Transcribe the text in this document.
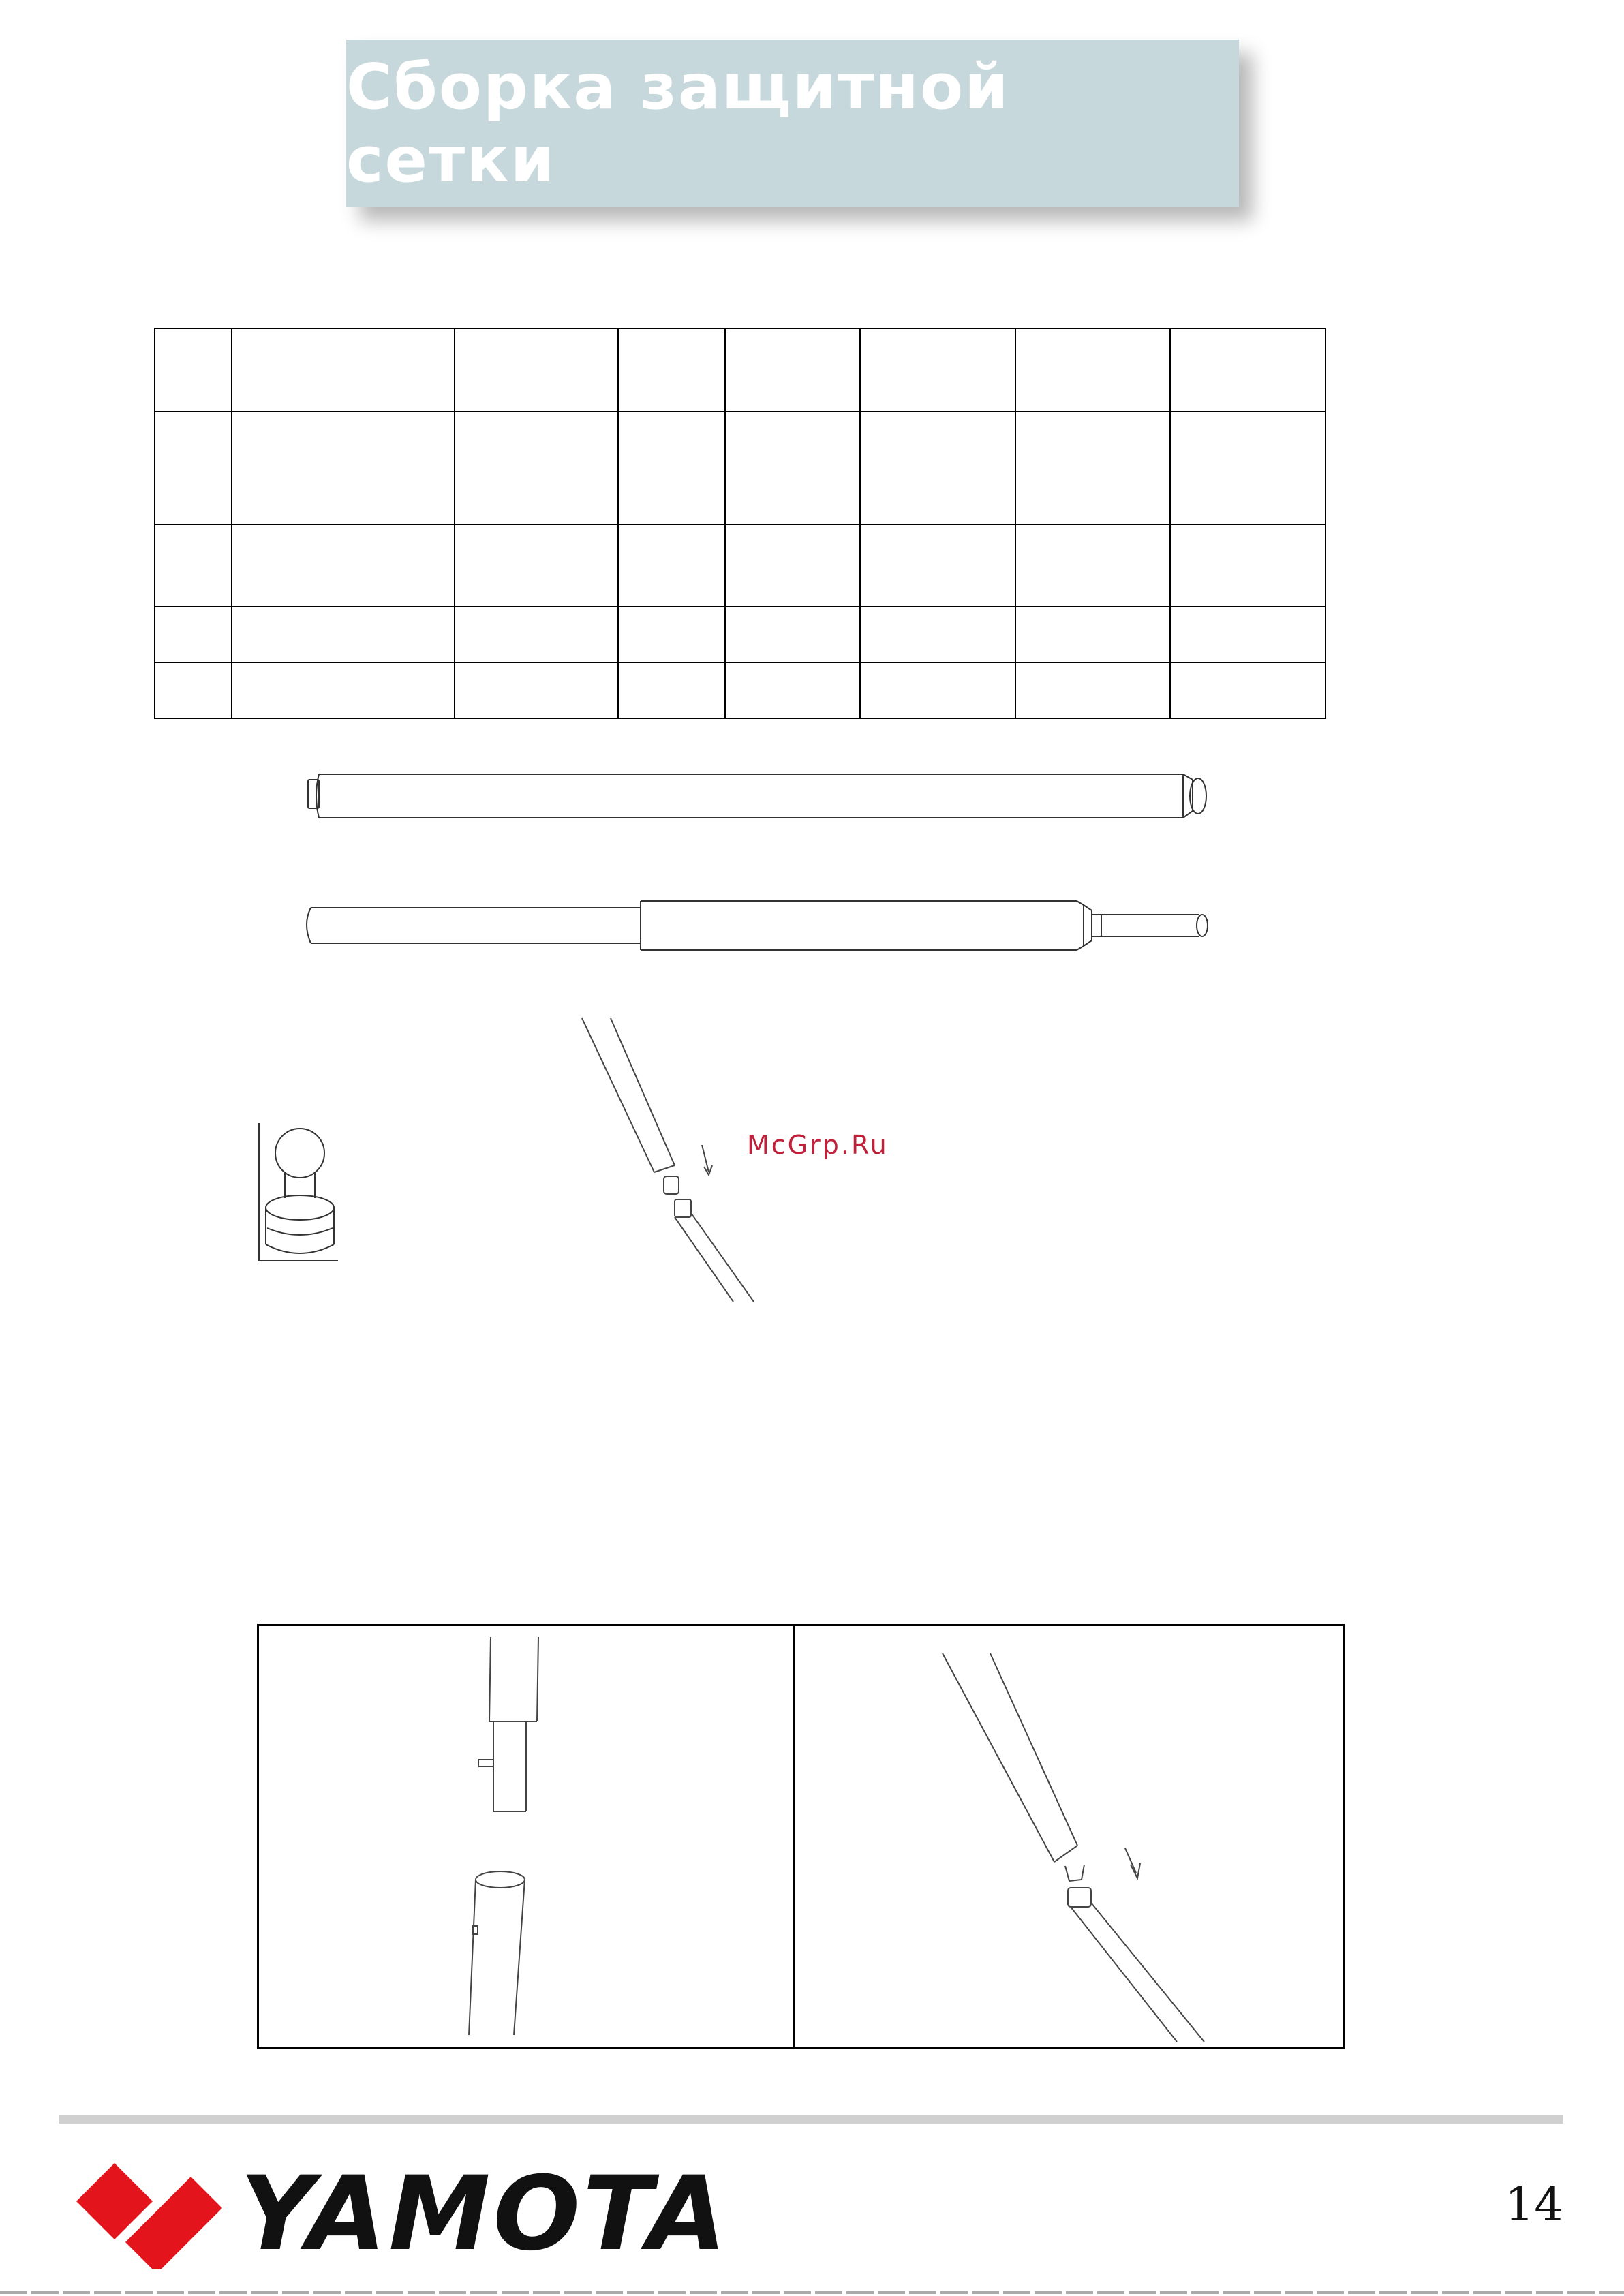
Сборка защитной сетки

McGrp.Ru
YAMOTA	14
